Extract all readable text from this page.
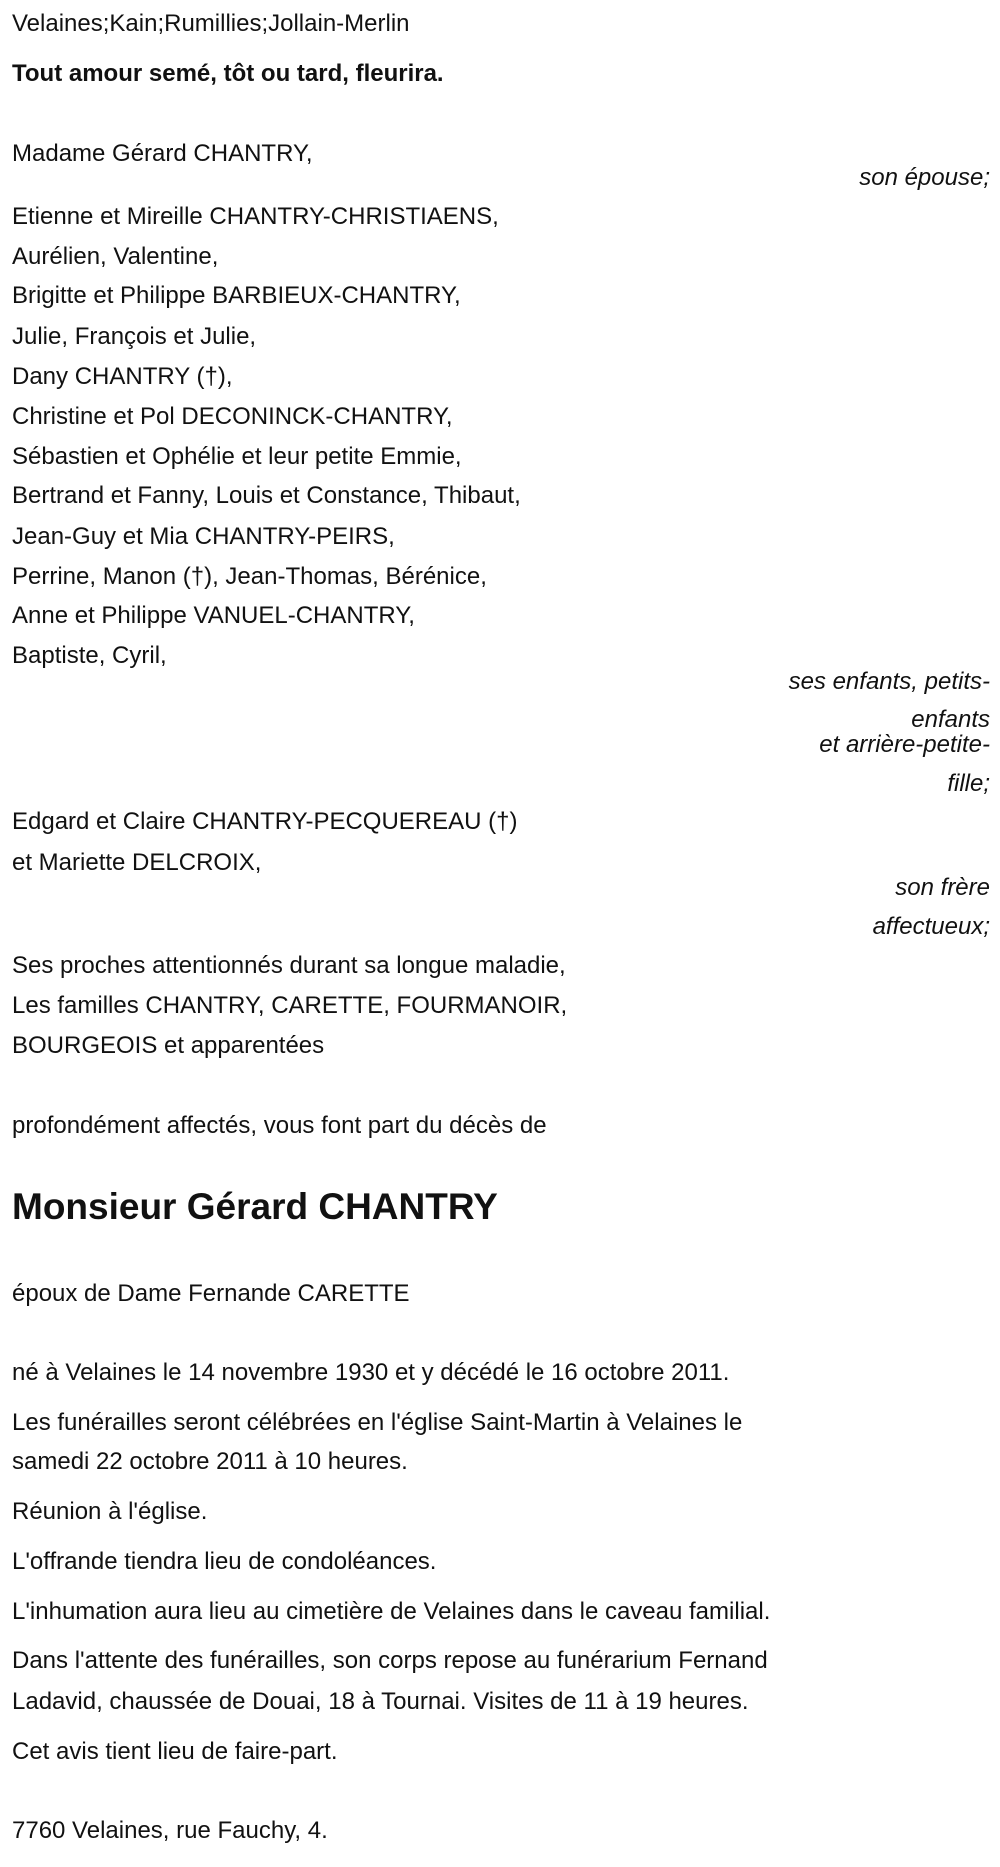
Velaines;Kain;Rumillies;Jollain-Merlin
Tout amour semé, tôt ou tard, fleurira.
Madame Gérard CHANTRY,
son épouse;
Etienne et Mireille CHANTRY-CHRISTIAENS,
Aurélien, Valentine,
Brigitte et Philippe BARBIEUX-CHANTRY,
Julie, François et Julie,
Dany CHANTRY (†),
Christine et Pol DECONINCK-CHANTRY,
Sébastien et Ophélie et leur petite Emmie,
Bertrand et Fanny, Louis et Constance, Thibaut,
Jean-Guy et Mia CHANTRY-PEIRS,
Perrine, Manon (†), Jean-Thomas, Bérénice,
Anne et Philippe VANUEL-CHANTRY,
Baptiste, Cyril,
ses enfants, petits-
enfants
et arrière-petite-
fille;
Edgard et Claire CHANTRY-PECQUEREAU (†)
et Mariette DELCROIX,
son frère
affectueux;
Ses proches attentionnés durant sa longue maladie,
Les familles CHANTRY, CARETTE, FOURMANOIR,
BOURGEOIS et apparentées
profondément affectés, vous font part du décès de
Monsieur Gérard CHANTRY
époux de Dame Fernande CARETTE
né à Velaines le 14 novembre 1930 et y décédé le 16 octobre 2011.
Les funérailles seront célébrées en l'église Saint-Martin à Velaines le
samedi 22 octobre 2011 à 10 heures.
Réunion à l'église.
L'offrande tiendra lieu de condoléances.
L'inhumation aura lieu au cimetière de Velaines dans le caveau familial.
Dans l'attente des funérailles, son corps repose au funérarium Fernand
Ladavid, chaussée de Douai, 18 à Tournai. Visites de 11 à 19 heures.
Cet avis tient lieu de faire-part.
7760 Velaines, rue Fauchy, 4.
